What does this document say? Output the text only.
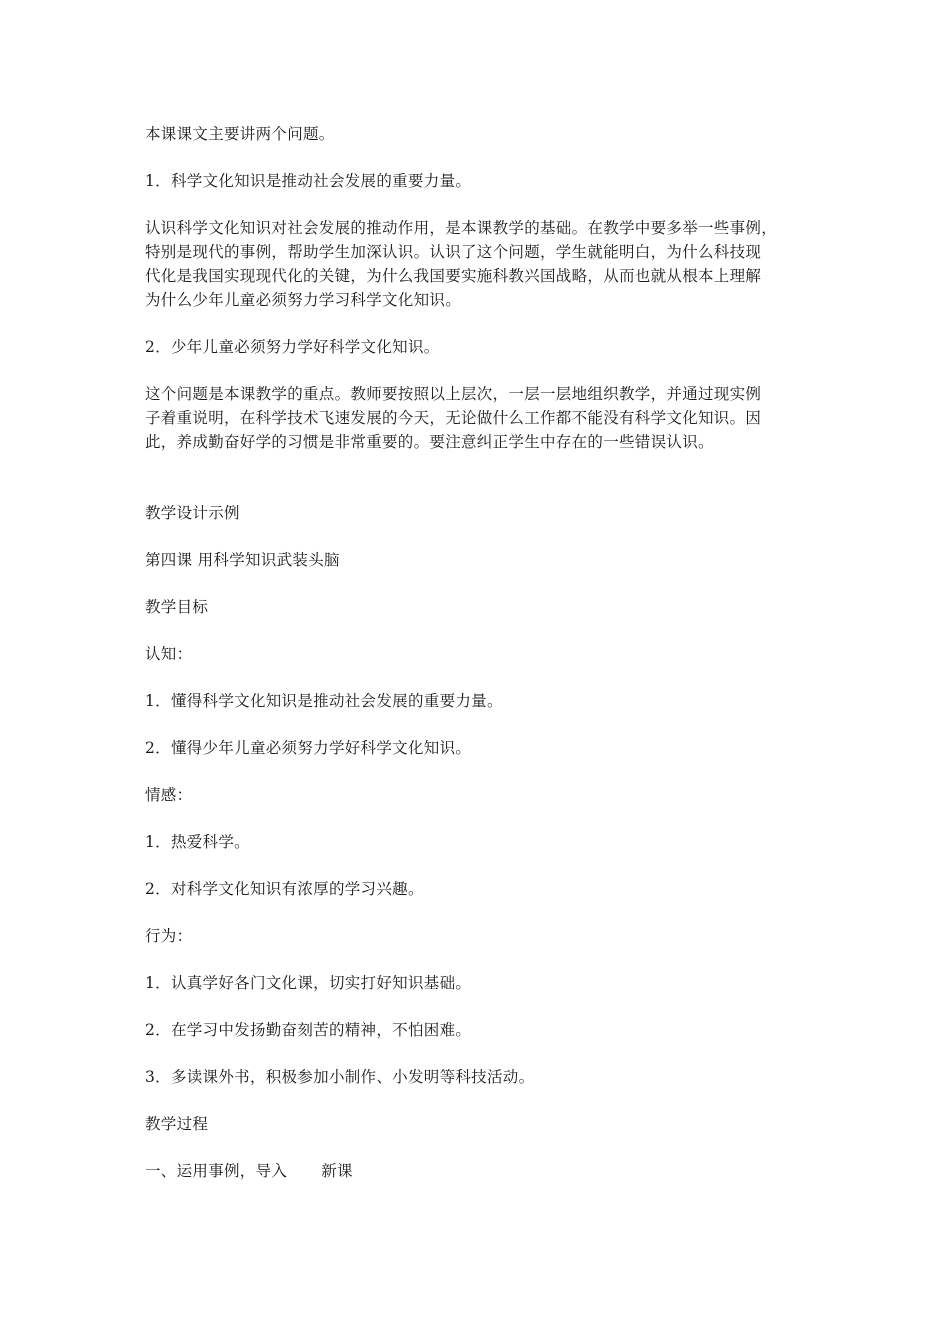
本课课文主要讲两个问题。

1．科学文化知识是推动社会发展的重要力量。

认识科学文化知识对社会发展的推动作用，是本课教学的基础。在教学中要多举一些事例，

特别是现代的事例，帮助学生加深认识。认识了这个问题，学生就能明白，为什么科技现

代化是我国实现现代化的关键，为什么我国要实施科教兴国战略，从而也就从根本上理解

为什么少年儿童必须努力学习科学文化知识。

2．少年儿童必须努力学好科学文化知识。

这个问题是本课教学的重点。教师要按照以上层次，一层一层地组织教学，并通过现实例

子着重说明，在科学技术飞速发展的今天，无论做什么工作都不能没有科学文化知识。因

此，养成勤奋好学的习惯是非常重要的。要注意纠正学生中存在的一些错误认识。

教学设计示例

第四课 用科学知识武装头脑

教学目标

认知：

1．懂得科学文化知识是推动社会发展的重要力量。

2．懂得少年儿童必须努力学好科学文化知识。

情感：

1．热爱科学。

2．对科学文化知识有浓厚的学习兴趣。

行为：

1．认真学好各门文化课，切实打好知识基础。

2．在学习中发扬勤奋刻苦的精神，不怕困难。

3．多读课外书，积极参加小制作、小发明等科技活动。

教学过程

一、运用事例，导入 新课
